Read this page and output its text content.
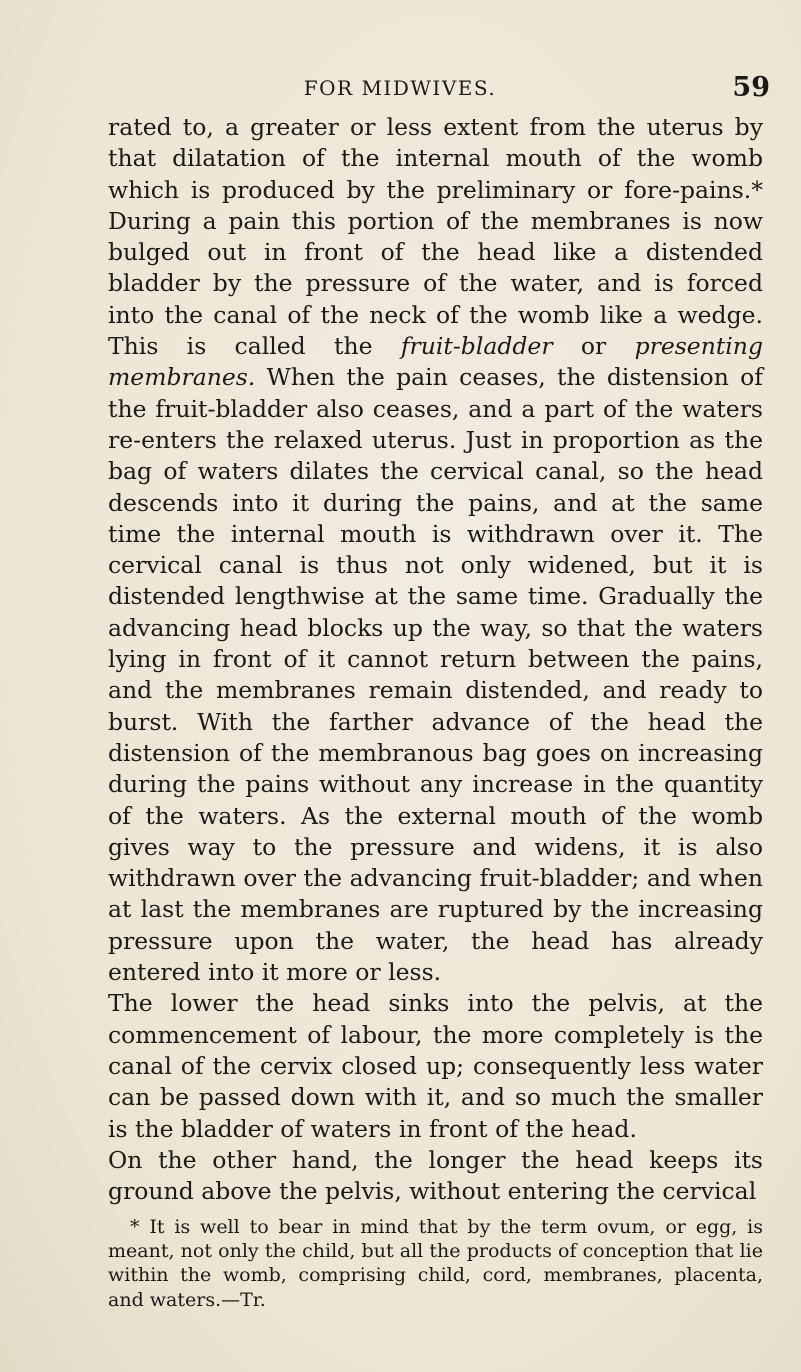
FOR MIDWIVES.	59

rated to, a greater or less extent from the uterus by that dilatation of the internal mouth of the womb which is produced by the preliminary or fore-pains.* During a pain this portion of the membranes is now bulged out in front of the head like a distended bladder by the pressure of the water, and is forced into the canal of the neck of the womb like a wedge. This is called the fruit-bladder or presenting membranes. When the pain ceases, the distension of the fruit-bladder also ceases, and a part of the waters re-enters the relaxed uterus. Just in proportion as the bag of waters dilates the cervical canal, so the head descends into it during the pains, and at the same time the internal mouth is withdrawn over it. The cervical canal is thus not only widened, but it is distended lengthwise at the same time. Gradually the advancing head blocks up the way, so that the waters lying in front of it cannot return between the pains, and the membranes remain distended, and ready to burst. With the farther advance of the head the distension of the membranous bag goes on increasing during the pains without any increase in the quantity of the waters. As the external mouth of the womb gives way to the pressure and widens, it is also withdrawn over the advancing fruit-bladder; and when at last the membranes are ruptured by the increasing pressure upon the water, the head has already entered into it more or less.

The lower the head sinks into the pelvis, at the commencement of labour, the more completely is the canal of the cervix closed up; consequently less water can be passed down with it, and so much the smaller is the bladder of waters in front of the head.

On the other hand, the longer the head keeps its ground above the pelvis, without entering the cervical

* It is well to bear in mind that by the term ovum, or egg, is meant, not only the child, but all the products of conception that lie within the womb, comprising child, cord, membranes, placenta, and waters.—Tr.
